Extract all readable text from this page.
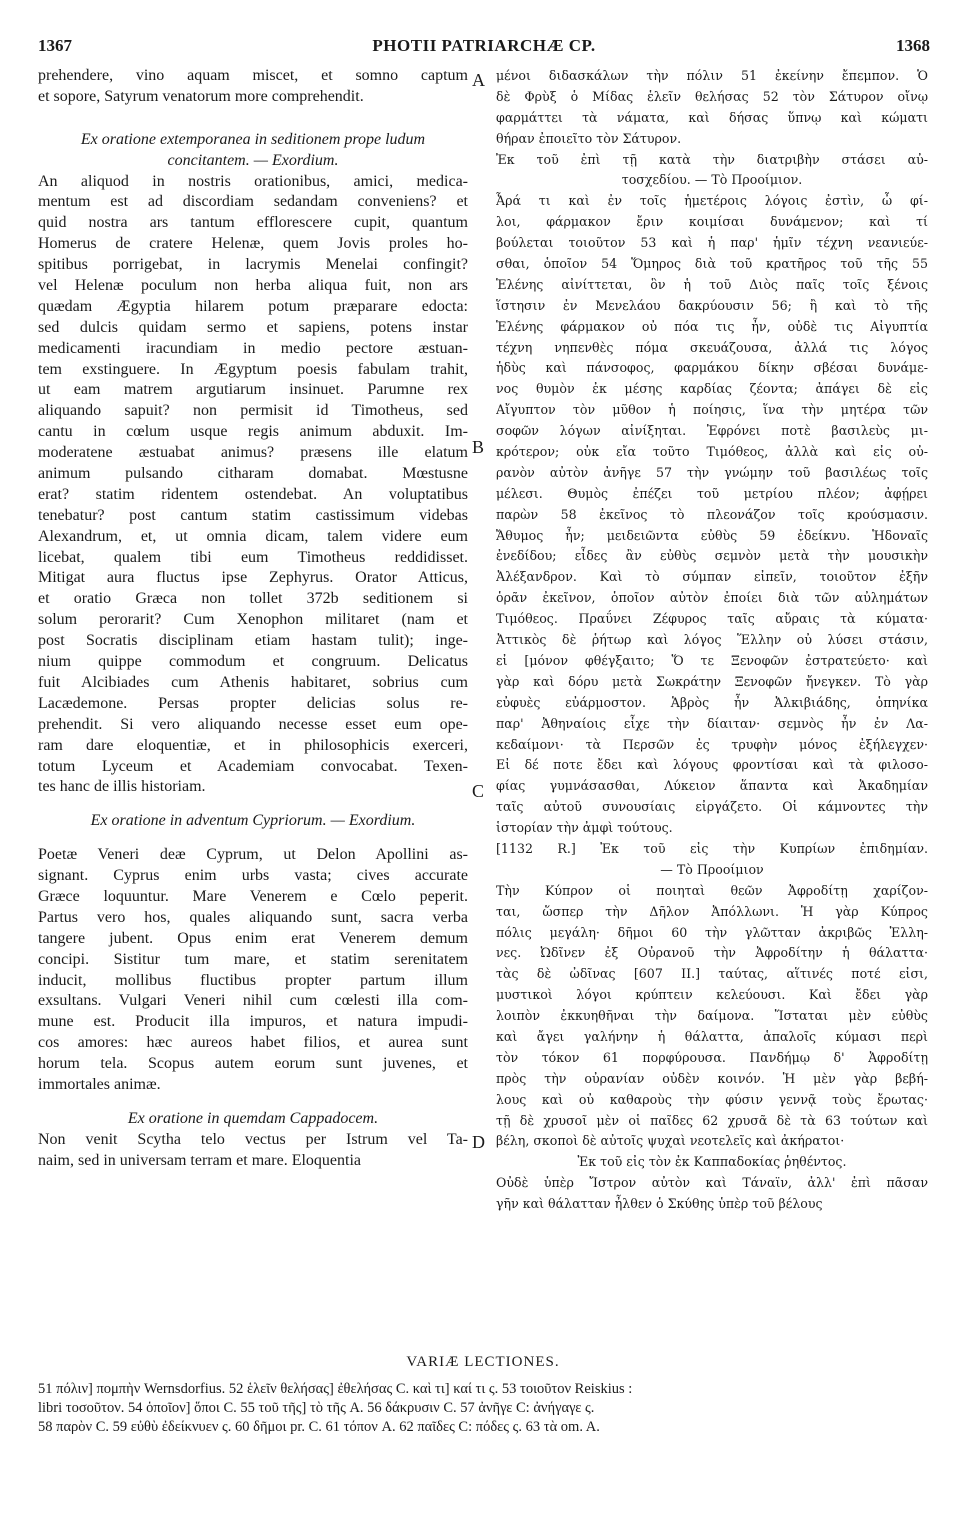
1367	PHOTII PATRIARCHÆ CP.	1368
prehendere, vino aquam miscet, et somno captum
et sopore, Satyrum venatorum more comprehendit.
Ex oratione extemporanea in seditionem prope ludum
concitantem. — Exordium.
An aliquod in nostris orationibus, amici, medica-
mentum est ad discordiam sedandam conveniens? et
quid nostra ars tantum efflorescere cupit, quantum
Homerus de cratere Helenæ, quem Jovis proles ho-
spitibus porrigebat, in lacrymis Menelai confingit?
vel Helenæ poculum non herba aliqua fuit, non ars
quædam Ægyptia hilarem potum præparare edocta:
sed dulcis quidam sermo et sapiens, potens instar
medicamenti iracundiam in medio pectore æstuan-
tem exstinguere. In Ægyptum poesis fabulam trahit,
ut eam matrem argutiarum insinuet. Parumne rex
aliquando sapuit? non permisit id Timotheus, sed
cantu in cœlum usque regis animum abduxit. Im-
moderatene æstuabat animus? præsens ille elatum
animum pulsando citharam domabat. Mœstusne
erat? statim ridentem ostendebat. An voluptatibus
tenebatur? post cantum statim castissimum videbas
Alexandrum, et, ut omnia dicam, talem videre eum
licebat, qualem tibi eum Timotheus reddidisset.
Mitigat aura fluctus ipse Zephyrus. Orator Atticus,
et oratio Græca non tollet 372b seditionem si
solum perorarit? Cum Xenophon militaret (nam et
post Socratis disciplinam etiam hastam tulit); inge-
nium quippe commodum et congruum. Delicatus
fuit Alcibiades cum Athenis habitaret, sobrius cum
Lacædemone. Persas propter delicias solus re-
prehendit. Si vero aliquando necesse esset eum ope-
ram dare eloquentiæ, et in philosophicis exerceri,
totum Lyceum et Academiam convocabat. Texen-
tes hanc de illis historiam.
Ex oratione in adventum Cypriorum. — Exordium.
Poetæ Veneri deæ Cyprum, ut Delon Apollini as-
signant. Cyprus enim urbs vasta; cives accurate
Græce loquuntur. Mare Venerem e Cœlo peperit.
Partus vero hos, quales aliquando sunt, sacra verba
tangere jubent. Opus enim erat Venerem demum
concipi. Sistitur tum mare, et statim serenitatem
inducit, mollibus fluctibus propter partum illum
exsultans. Vulgari Veneri nihil cum cœlesti illa com-
mune est. Producit illa impuros, et natura impudi-
cos amores: hæc aureos habet filios, et aurea sunt
horum tela. Scopus autem eorum sunt juvenes, et
immortales animæ.
Ex oratione in quemdam Cappadocem.
Non venit Scytha telo vectus per Istrum vel Ta-
naim, sed in universam terram et mare. Eloquentia
μένοι διδασκάλων τὴν πόλιν 51 ἐκείνην ἔπεμπον. Ὁ
δὲ Φρὺξ ὁ Μίδας ἑλεῖν θελήσας 52 τὸν Σάτυρον οἴνῳ
φαρμάττει τὰ νάματα, καὶ δήσας ὕπνῳ καὶ κώματι
θήραν ἐποιεῖτο τὸν Σάτυρον.
Ἐκ τοῦ ἐπὶ τῇ κατὰ τὴν διατριβὴν στάσει αὐ-
τοσχεδίου. — Τὸ Προοίμιον.
Ἆρά τι καὶ ἐν τοῖς ἡμετέροις λόγοις ἐστὶν, ὦ φί-
λοι, φάρμακον ἔριν κοιμίσαι δυνάμενον; καὶ τί
βούλεται τοιοῦτον 53 καὶ ἡ παρ' ἡμῖν τέχνη νεανιεύε-
σθαι, ὁποῖον 54 Ὅμηρος διὰ τοῦ κρατῆρος τοῦ τῆς 55
Ἑλένης αἰνίττεται, ὃν ἡ τοῦ Διὸς παῖς τοῖς ξένοις
ἵστησιν ἐν Μενελάου δακρύουσιν 56; ἢ καὶ τὸ τῆς
Ἑλένης φάρμακον οὐ πόα τις ἦν, οὐδὲ τις Αἰγυπτία
τέχνη νηπενθὲς πόμα σκευάζουσα, ἀλλά τις λόγος
ἡδὺς καὶ πάνσοφος, φαρμάκου δίκην σβέσαι δυνάμε-
νος θυμὸν ἐκ μέσης καρδίας ζέοντα; ἀπάγει δὲ εἰς
Αἴγυπτον τὸν μῦθον ἡ ποίησις, ἵνα τὴν μητέρα τῶν
σοφῶν λόγων αἰνίξηται. Ἐφρόνει ποτὲ βασιλεὺς μι-
κρότερον; οὐκ εἴα τοῦτο Τιμόθεος, ἀλλὰ καὶ εἰς οὐ-
ρανὸν αὐτὸν ἀνῆγε 57 τὴν γνώμην τοῦ βασιλέως τοῖς
μέλεσι. Θυμὸς ἐπέζει τοῦ μετρίου πλέον; ἀφῄρει
παρὼν 58 ἐκεῖνος τὸ πλεονάζον τοῖς κρούσμασιν.
Ἄθυμος ἦν; μειδειῶντα εὐθὺς 59 ἐδείκνυ. Ἡδοναῖς
ἐνεδίδου; εἶδες ἂν εὐθὺς σεμνὸν μετὰ τὴν μουσικὴν
Ἀλέξανδρον. Καὶ τὸ σύμπαν εἰπεῖν, τοιοῦτον ἐξῆν
ὁρᾶν ἐκεῖνον, ὁποῖον αὐτὸν ἐποίει διὰ τῶν αὐλημάτων
Τιμόθεος. Πραΰνει Ζέφυρος ταῖς αὔραις τὰ κύματα·
Ἀττικὸς δὲ ῥήτωρ καὶ λόγος Ἕλλην οὐ λύσει στάσιν,
εἰ [μόνον φθέγξαιτο; Ὅ τε Ξενοφῶν ἐστρατεύετο· καὶ
γὰρ καὶ δόρυ μετὰ Σωκράτην Ξενοφῶν ἤνεγκεν. Τὸ γὰρ
εὐφυὲς εὐάρμοστον. Ἁβρὸς ἦν Ἀλκιβιάδης, ὁπηνίκα
παρ' Ἀθηναίοις εἶχε τὴν δίαιταν· σεμνὸς ἦν ἐν Λα-
κεδαίμονι· τὰ Περσῶν ἐς τρυφὴν μόνος ἐξήλεγχεν·
Εἰ δέ ποτε ἔδει καὶ λόγους φροντίσαι καὶ τὰ φιλοσο-
φίας γυμνάσασθαι, Λύκειον ἅπαντα καὶ Ἀκαδημίαν
ταῖς αὐτοῦ συνουσίαις εἰργάζετο. Οἱ κάμνοντες τὴν
ἱστορίαν τὴν ἀμφὶ τούτους.
[1132 R.] Ἐκ τοῦ εἰς τὴν Κυπρίων ἐπιδημίαν.
— Τὸ Προοίμιον
Τὴν Κύπρον οἱ ποιηταὶ θεῶν Ἀφροδίτῃ χαρίζον-
ται, ὥσπερ τὴν Δῆλον Ἀπόλλωνι. Ἡ γὰρ Κύπρος
πόλις μεγάλη· δῆμοι 60 τὴν γλῶτταν ἀκριβῶς Ἑλλη-
νες. Ὠδῖνεν ἐξ Οὐρανοῦ τὴν Ἀφροδίτην ἡ θάλαττα·
τὰς δὲ ὠδῖνας [607 II.] ταύτας, αἵτινές ποτέ εἰσι,
μυστικοὶ λόγοι κρύπτειν κελεύουσι. Καὶ ἔδει γὰρ
λοιπὸν ἐκκυηθῆναι τὴν δαίμονα. Ἵσταται μὲν εὐθὺς
καὶ ἄγει γαλήνην ἡ θάλαττα, ἁπαλοῖς κύμασι περὶ
τὸν τόκον 61 πορφύρουσα. Πανδήμῳ δ' Ἀφροδίτῃ
πρὸς τὴν οὐρανίαν οὐδὲν κοινόν. Ἡ μὲν γὰρ βεβή-
λους καὶ οὐ καθαροὺς τὴν φύσιν γεννᾷ τοὺς ἔρωτας·
τῇ δὲ χρυσοῖ μὲν οἱ παῖδες 62 χρυσᾶ δὲ τὰ 63 τούτων καὶ
βέλη, σκοποὶ δὲ αὐτοῖς ψυχαὶ νεοτελεῖς καὶ ἀκήρατοι·
Ἐκ τοῦ εἰς τὸν ἐκ Καππαδοκίας ῥηθέντος.
Οὐδὲ ὑπὲρ Ἴστρον αὐτὸν καὶ Τάναϊν, ἀλλ' ἐπὶ πᾶσαν
γῆν καὶ θάλατταν ἦλθεν ὁ Σκύθης ὑπὲρ τοῦ βέλους
A
B
C
D
VARIÆ LECTIONES.
51 πόλιν] πομπὴν Wernsdorfius. 52 ἑλεῖν θελήσας] ἐθελήσας C. καὶ τι] καί τι ς. 53 τοιοῦτον Reiskius :
libri τοσοῦτον. 54 ὁποῖον] ὅποι C. 55 τοῦ τῆς] τὸ τῆς A. 56 δάκρυσιν C. 57 ἀνῆγε C: ἀνήγαγε ς.
58 παρὸν C. 59 εὐθὺ ἐδείκνυεν ς. 60 δῆμοι pr. C. 61 τόπον A. 62 παῖδες C: πόδες ς. 63 τὰ om. A.
